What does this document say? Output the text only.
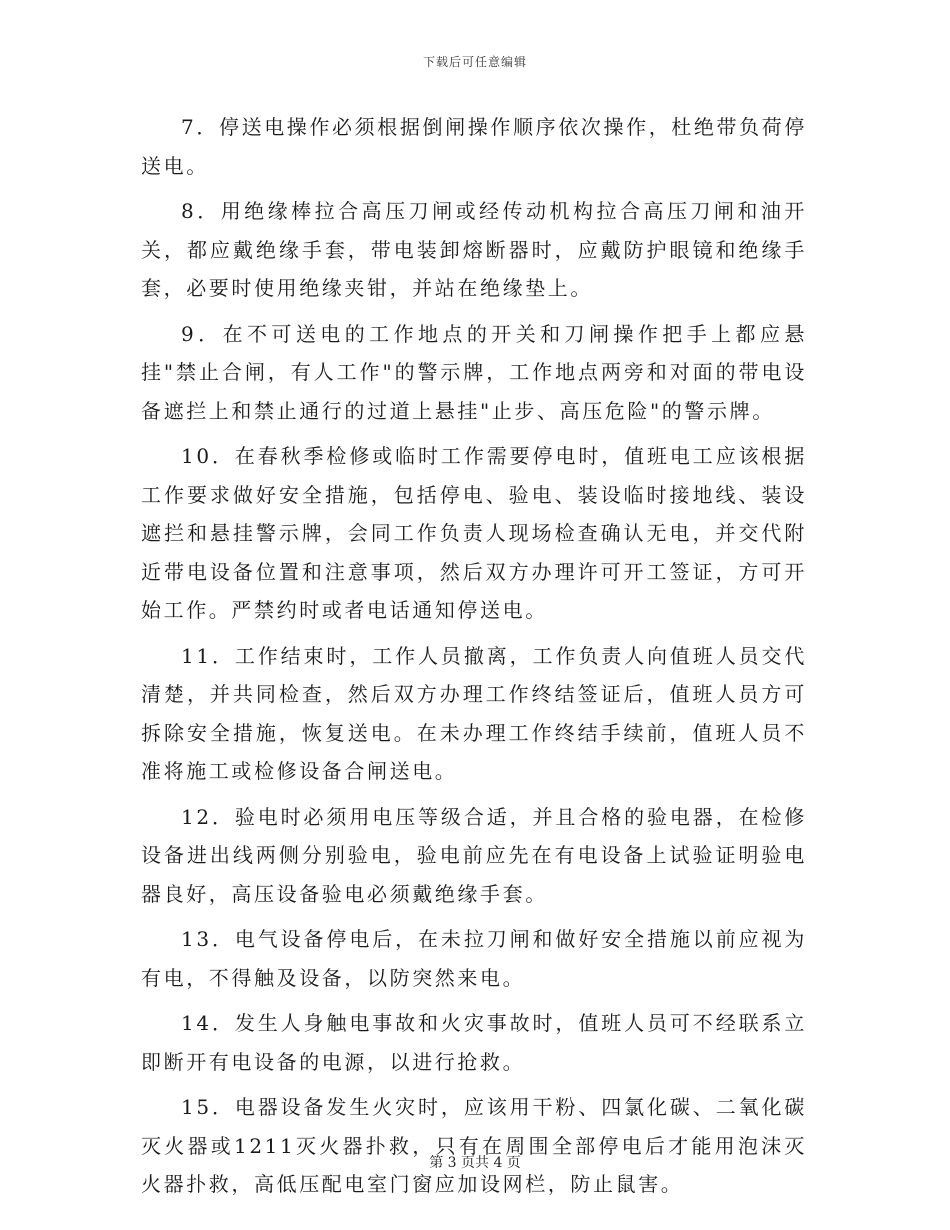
下载后可任意编辑

7．停送电操作必须根据倒闸操作顺序依次操作，杜绝带负荷停送电。

8．用绝缘棒拉合高压刀闸或经传动机构拉合高压刀闸和油开关，都应戴绝缘手套，带电装卸熔断器时，应戴防护眼镜和绝缘手套，必要时使用绝缘夹钳，并站在绝缘垫上。

9．在不可送电的工作地点的开关和刀闸操作把手上都应悬挂"禁止合闸，有人工作"的警示牌，工作地点两旁和对面的带电设备遮拦上和禁止通行的过道上悬挂"止步、高压危险"的警示牌。

10．在春秋季检修或临时工作需要停电时，值班电工应该根据工作要求做好安全措施，包括停电、验电、装设临时接地线、装设遮拦和悬挂警示牌，会同工作负责人现场检查确认无电，并交代附近带电设备位置和注意事项，然后双方办理许可开工签证，方可开始工作。严禁约时或者电话通知停送电。

11．工作结束时，工作人员撤离，工作负责人向值班人员交代清楚，并共同检查，然后双方办理工作终结签证后，值班人员方可拆除安全措施，恢复送电。在未办理工作终结手续前，值班人员不准将施工或检修设备合闸送电。

12．验电时必须用电压等级合适，并且合格的验电器，在检修设备进出线两侧分别验电，验电前应先在有电设备上试验证明验电器良好，高压设备验电必须戴绝缘手套。

13．电气设备停电后，在未拉刀闸和做好安全措施以前应视为有电，不得触及设备，以防突然来电。

14．发生人身触电事故和火灾事故时，值班人员可不经联系立即断开有电设备的电源，以进行抢救。

15．电器设备发生火灾时，应该用干粉、四氯化碳、二氧化碳灭火器或1211灭火器扑救，只有在周围全部停电后才能用泡沫灭火器扑救，高低压配电室门窗应加设网栏，防止鼠害。

第 3 页共 4 页
